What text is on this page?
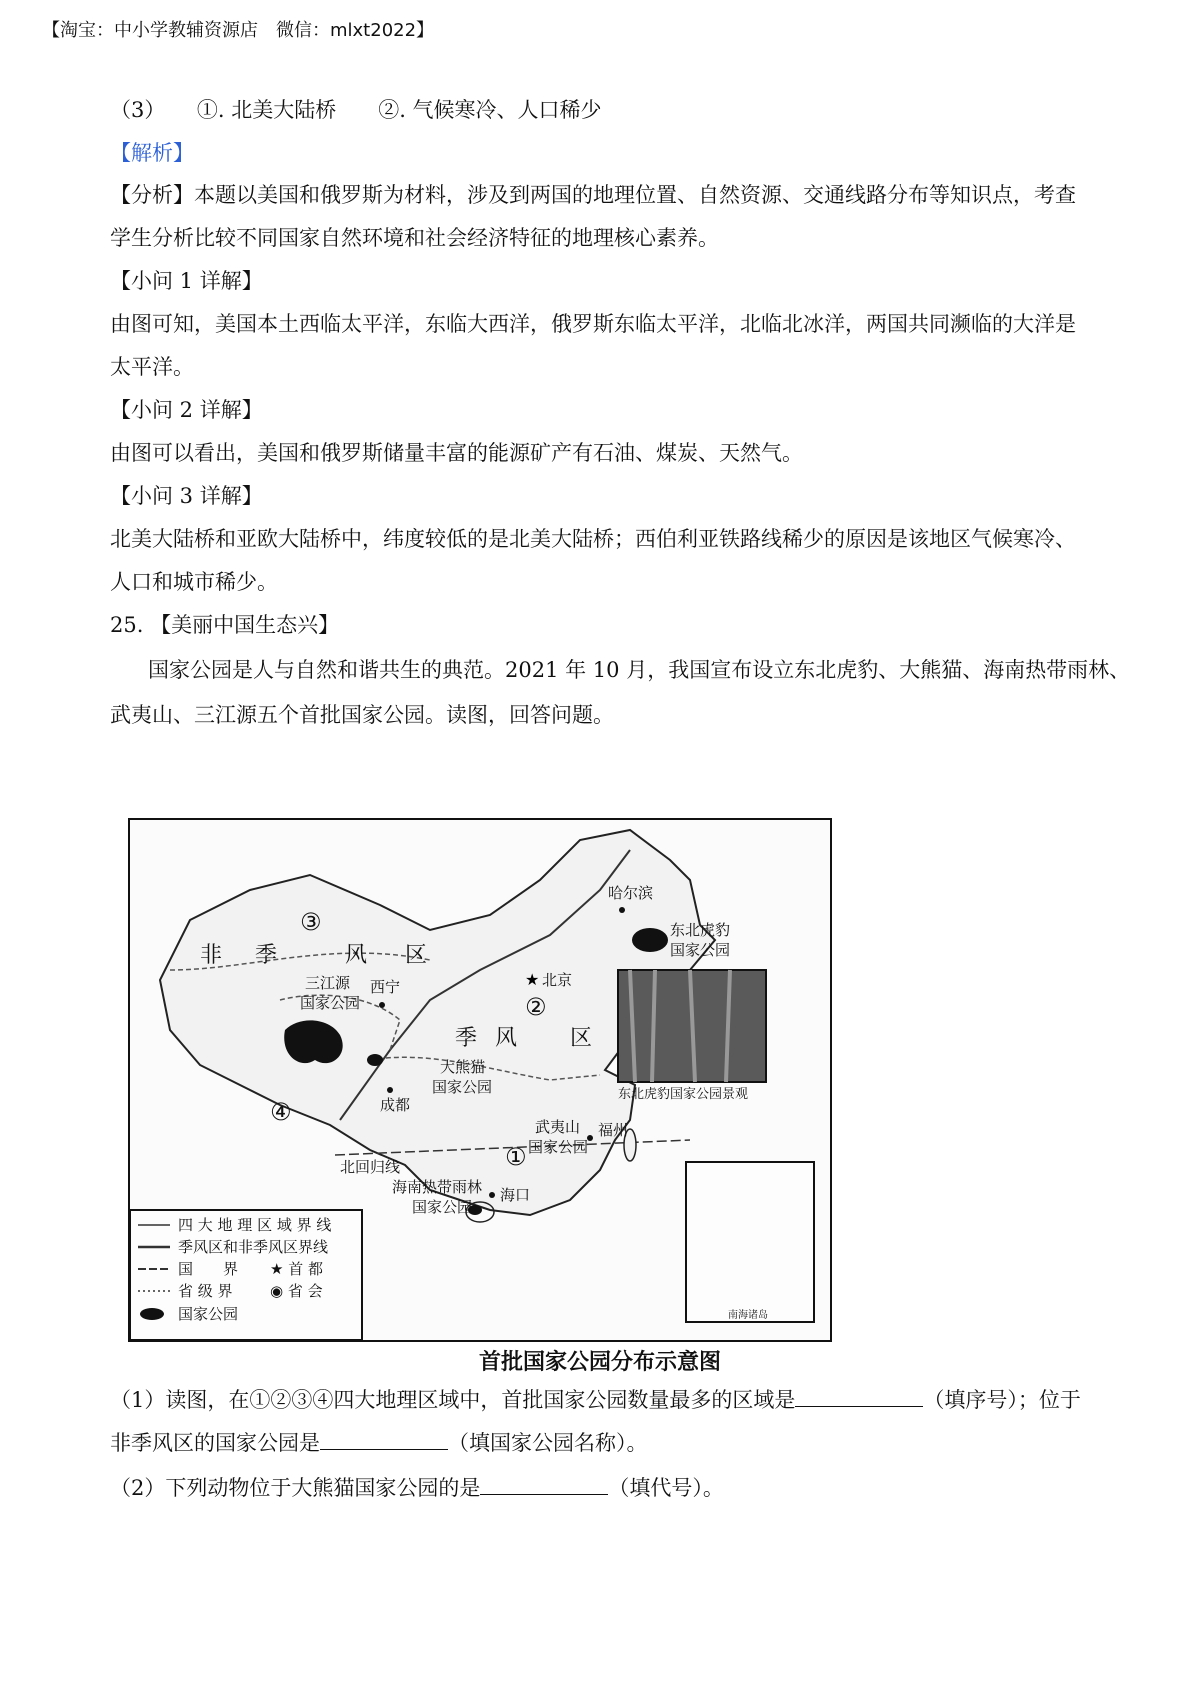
【淘宝：中小学教辅资源店　微信：mlxt2022】
（3）　　①. 北美大陆桥　　②. 气候寒冷、人口稀少
【解析】
【分析】本题以美国和俄罗斯为材料，涉及到两国的地理位置、自然资源、交通线路分布等知识点，考查
学生分析比较不同国家自然环境和社会经济特征的地理核心素养。
【小问 1 详解】
由图可知，美国本土西临太平洋，东临大西洋，俄罗斯东临太平洋，北临北冰洋，两国共同濒临的大洋是
太平洋。
【小问 2 详解】
由图可以看出，美国和俄罗斯储量丰富的能源矿产有石油、煤炭、天然气。
【小问 3 详解】
北美大陆桥和亚欧大陆桥中，纬度较低的是北美大陆桥；西伯利亚铁路线稀少的原因是该地区气候寒冷、
人口和城市稀少。
25. 【美丽中国生态兴】
国家公园是人与自然和谐共生的典范。2021 年 10 月，我国宣布设立东北虎豹、大熊猫、海南热带雨林、
武夷山、三江源五个首批国家公园。读图，回答问题。
★
四 大 地 理 区 域 界 线
季风区和非季风区界线
国　　界 ★ 首 都
省 级 界 ◉ 省 会
国家公园
非 季	风 区
季 风 区
③
④
②
①
哈尔滨
北京
西宁
成都
福州
海口
北回归线
东北虎豹
国家公园
三江源
国家公园
大熊猫
国家公园
武夷山
国家公园
海南热带雨林
国家公园
东北虎豹国家公园景观
南海诸岛
首批国家公园分布示意图
（1）读图，在①②③④四大地理区域中，首批国家公园数量最多的区域是	（填序号）；位于
非季风区的国家公园是	（填国家公园名称）。
（2）下列动物位于大熊猫国家公园的是	（填代号）。
